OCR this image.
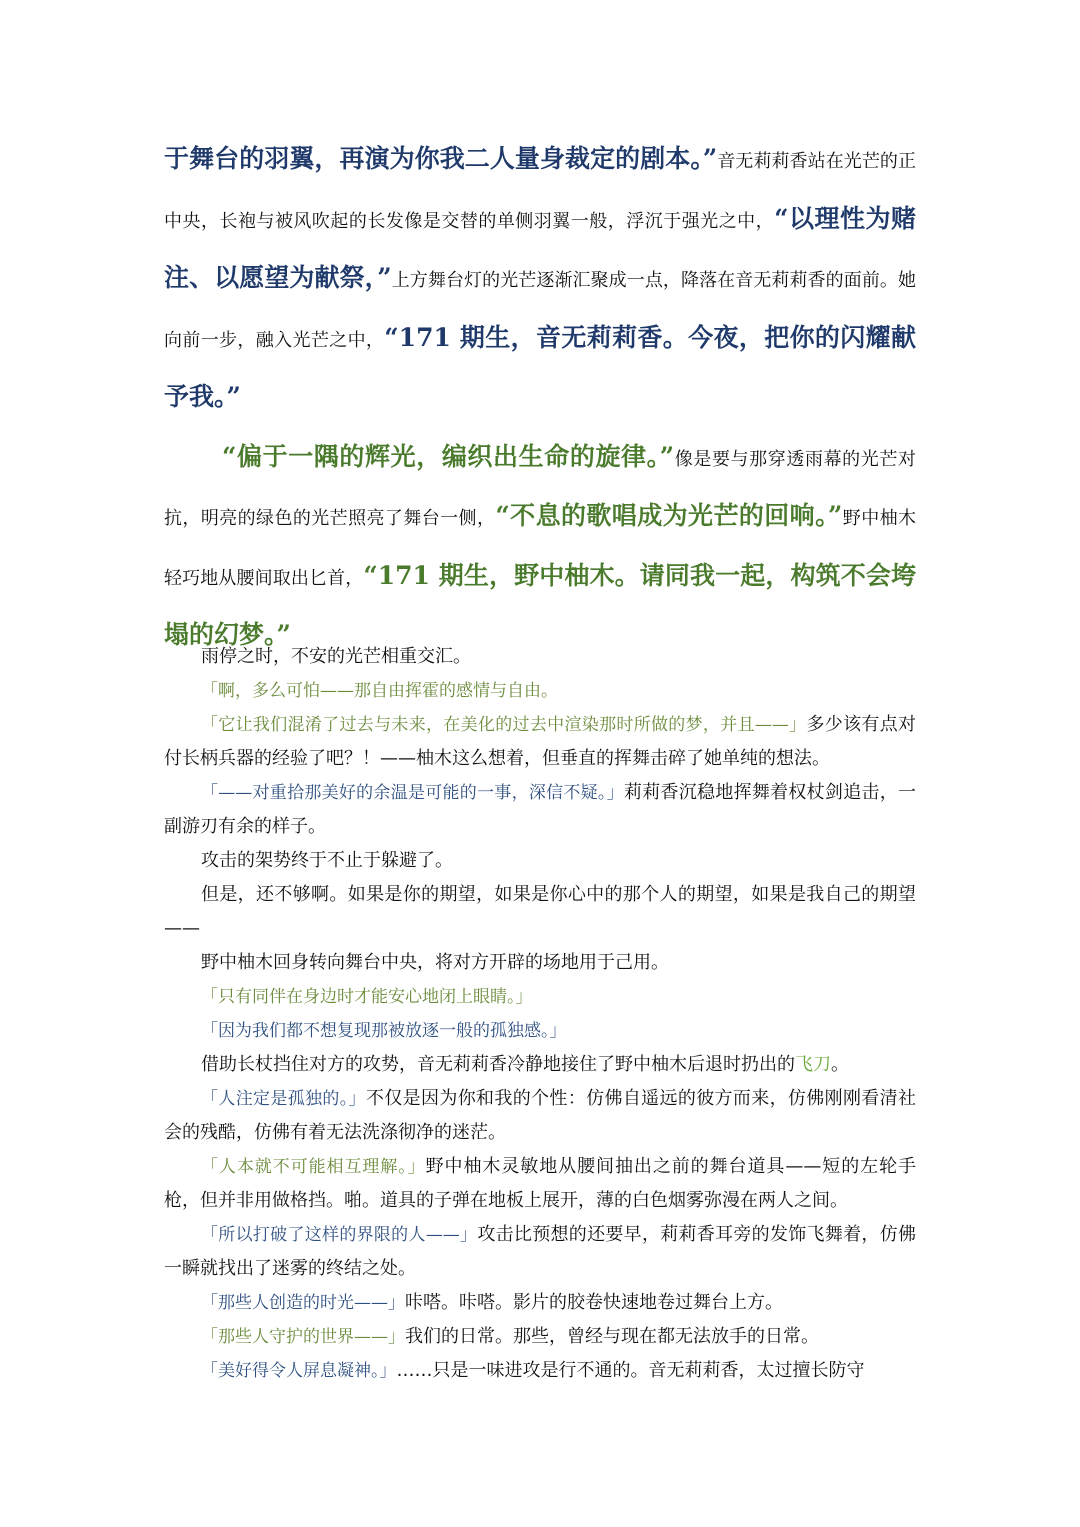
于舞台的羽翼，再演为你我二人量身裁定的剧本。”音无莉莉香站在光芒的正中央，长袍与被风吹起的长发像是交替的单侧羽翼一般，浮沉于强光之中，“以理性为赌注、以愿望为献祭，”上方舞台灯的光芒逐渐汇聚成一点，降落在音无莉莉香的面前。她向前一步，融入光芒之中，“171 期生，音无莉莉香。今夜，把你的闪耀献予我。”

“偏于一隅的辉光，编织出生命的旋律。”像是要与那穿透雨幕的光芒对抗，明亮的绿色的光芒照亮了舞台一侧，“不息的歌唱成为光芒的回响。”野中柚木轻巧地从腰间取出匕首，“171 期生，野中柚木。请同我一起，构筑不会垮塌的幻梦。”

雨停之时，不安的光芒相重交汇。

「啊，多么可怕——那自由挥霍的感情与自由。

「它让我们混淆了过去与未来，在美化的过去中渲染那时所做的梦，并且——」多少该有点对付长柄兵器的经验了吧？！——柚木这么想着，但垂直的挥舞击碎了她单纯的想法。

「——对重拾那美好的余温是可能的一事，深信不疑。」莉莉香沉稳地挥舞着权杖剑追击，一副游刃有余的样子。

攻击的架势终于不止于躲避了。

但是，还不够啊。如果是你的期望，如果是你心中的那个人的期望，如果是我自己的期望——

野中柚木回身转向舞台中央，将对方开辟的场地用于己用。

「只有同伴在身边时才能安心地闭上眼睛。」

「因为我们都不想复现那被放逐一般的孤独感。」

借助长杖挡住对方的攻势，音无莉莉香冷静地接住了野中柚木后退时扔出的飞刀。

「人注定是孤独的。」不仅是因为你和我的个性：仿佛自遥远的彼方而来，仿佛刚刚看清社会的残酷，仿佛有着无法洗涤彻净的迷茫。

「人本就不可能相互理解。」野中柚木灵敏地从腰间抽出之前的舞台道具——短的左轮手枪，但并非用做格挡。啪。道具的子弹在地板上展开，薄的白色烟雾弥漫在两人之间。

「所以打破了这样的界限的人——」攻击比预想的还要早，莉莉香耳旁的发饰飞舞着，仿佛一瞬就找出了迷雾的终结之处。

「那些人创造的时光——」咔嗒。咔嗒。影片的胶卷快速地卷过舞台上方。

「那些人守护的世界——」我们的日常。那些，曾经与现在都无法放手的日常。

「美好得令人屏息凝神。」……只是一味进攻是行不通的。音无莉莉香，太过擅长防守
